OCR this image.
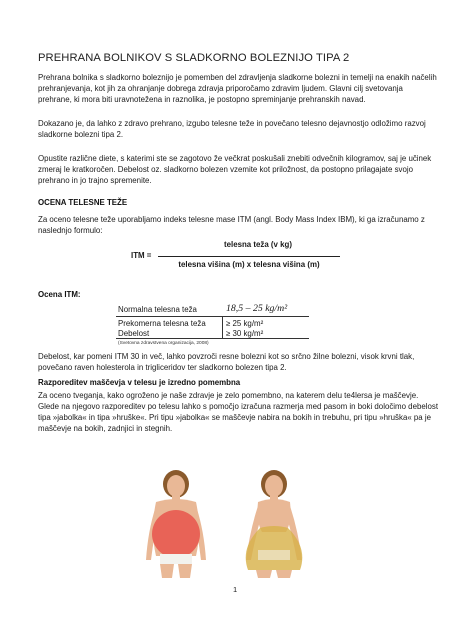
PREHRANA BOLNIKOV S SLADKORNO BOLEZNIJO TIPA 2

Prehrana bolnika s sladkorno boleznijo je pomemben del zdravljenja sladkorne bolezni in temelji na enakih načelih prehranjevanja, kot jih za ohranjanje dobrega zdravja priporočamo zdravim ljudem. Glavni cilj svetovanja prehrane, ki mora biti uravnotežena in raznolika, je postopno spreminjanje prehranskih navad.

Dokazano je, da lahko z zdravo prehrano, izgubo telesne teže in povečano telesno dejavnostjo odložimo razvoj sladkorne bolezni tipa 2.

Opustite različne diete, s katerimi ste se zagotovo že večkrat poskušali znebiti odvečnih kilogramov, saj je učinek zmeraj le kratkoročen. Debelost oz. sladkorno bolezen vzemite kot priložnost, da postopno prilagajate svojo prehrano in jo trajno spremenite.

OCENA TELESNE TEŽE

Za oceno telesne teže uporabljamo indeks telesne mase ITM (angl. Body Mass Index IBM), ki ga izračunamo z naslednjo formulo:

ITM =
telesna teža (v kg)
telesna višina (m) x telesna višina (m)
Ocena ITM:
Normalna telesna teža	18,5 – 25 kg/m²
Prekomerna telesna teža	≥ 25 kg/m²
Debelost	≥ 30 kg/m²
(Svetovna zdravstvena organizacija, 2008)

Debelost, kar pomeni ITM 30 in več, lahko povzroči resne bolezni kot so srčno žilne bolezni, visok krvni tlak, povečano raven holesterola in trigliceridov ter sladkorno bolezen tipa 2.

Razporeditev maščevja v telesu je izredno pomembna

Za oceno tveganja, kako ogroženo je naše zdravje je zelo pomembno, na katerem delu te4lersa je maščevje. Glede na njegovo razporeditev po telesu lahko s pomočjo izračuna razmerja med pasom in boki določimo debelost tipa »jabolka« in tipa »hruške«. Pri tipu »jabolka« se maščevje nabira na bokih in trebuhu, pri tipu »hruška« pa je maščevje na bokih, zadnjici in stegnih.

1
